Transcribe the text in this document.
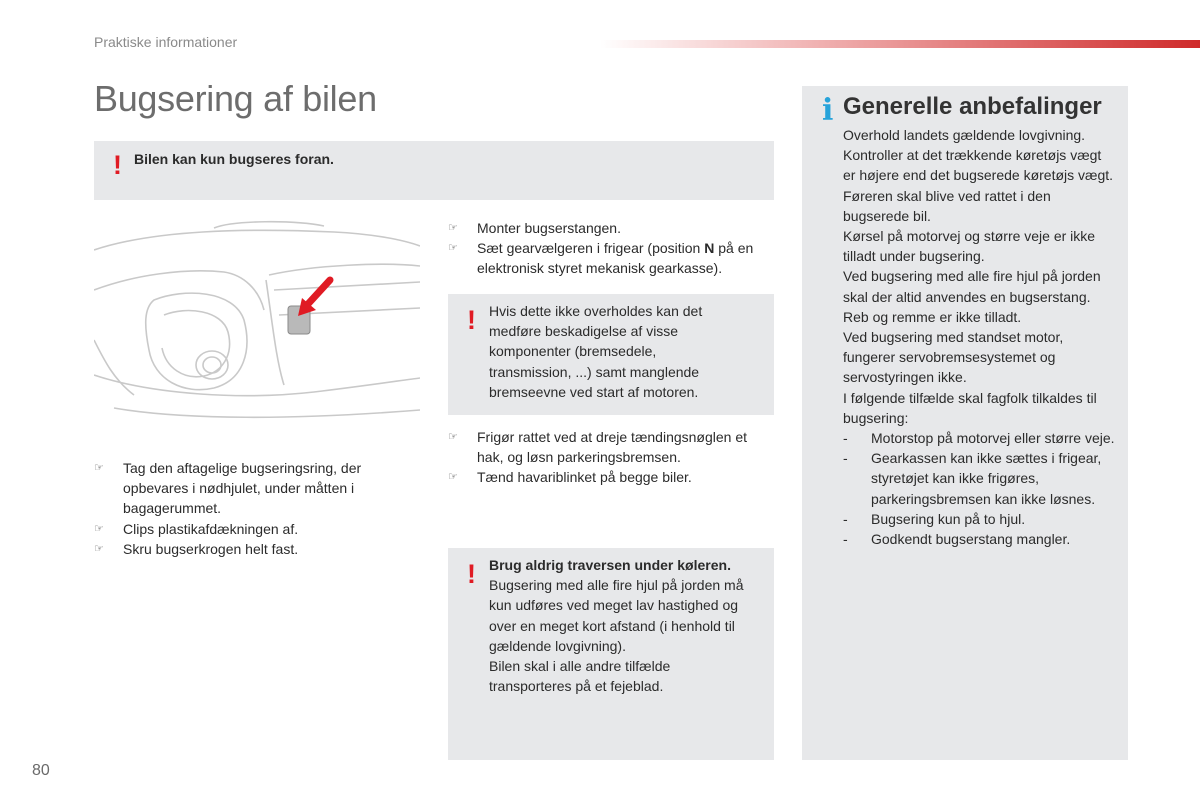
Praktiske informationer
Bugsering af bilen
! Bilen kan kun bugseres foran.
☞ Tag den aftagelige bugseringsring, der opbevares i nødhjulet, under måtten i bagagerummet.
☞ Clips plastikafdækningen af.
☞ Skru bugserkrogen helt fast.
☞ Monter bugserstangen.
☞ Sæt gearvælgeren i frigear (position N på en elektronisk styret mekanisk gearkasse).
! Hvis dette ikke overholdes kan det medføre beskadigelse af visse komponenter (bremsedele, transmission, ...) samt manglende bremseevne ved start af motoren.
☞ Frigør rattet ved at dreje tændingsnøglen et hak, og løsn parkeringsbremsen.
☞ Tænd havariblinket på begge biler.
! Brug aldrig traversen under køleren.
Bugsering med alle fire hjul på jorden må kun udføres ved meget lav hastighed og over en meget kort afstand (i henhold til gældende lovgivning).
Bilen skal i alle andre tilfælde transporteres på et fejeblad.
i Generelle anbefalinger
Overhold landets gældende lovgivning.
Kontroller at det trækkende køretøjs vægt er højere end det bugserede køretøjs vægt.
Føreren skal blive ved rattet i den bugserede bil.
Kørsel på motorvej og større veje er ikke tilladt under bugsering.
Ved bugsering med alle fire hjul på jorden skal der altid anvendes en bugserstang. Reb og remme er ikke tilladt.
Ved bugsering med standset motor, fungerer servobremsesystemet og servostyringen ikke.
I følgende tilfælde skal fagfolk tilkaldes til bugsering:
- Motorstop på motorvej eller større veje.
- Gearkassen kan ikke sættes i frigear, styretøjet kan ikke frigøres, parkeringsbremsen kan ikke løsnes.
- Bugsering kun på to hjul.
- Godkendt bugserstang mangler.
80
